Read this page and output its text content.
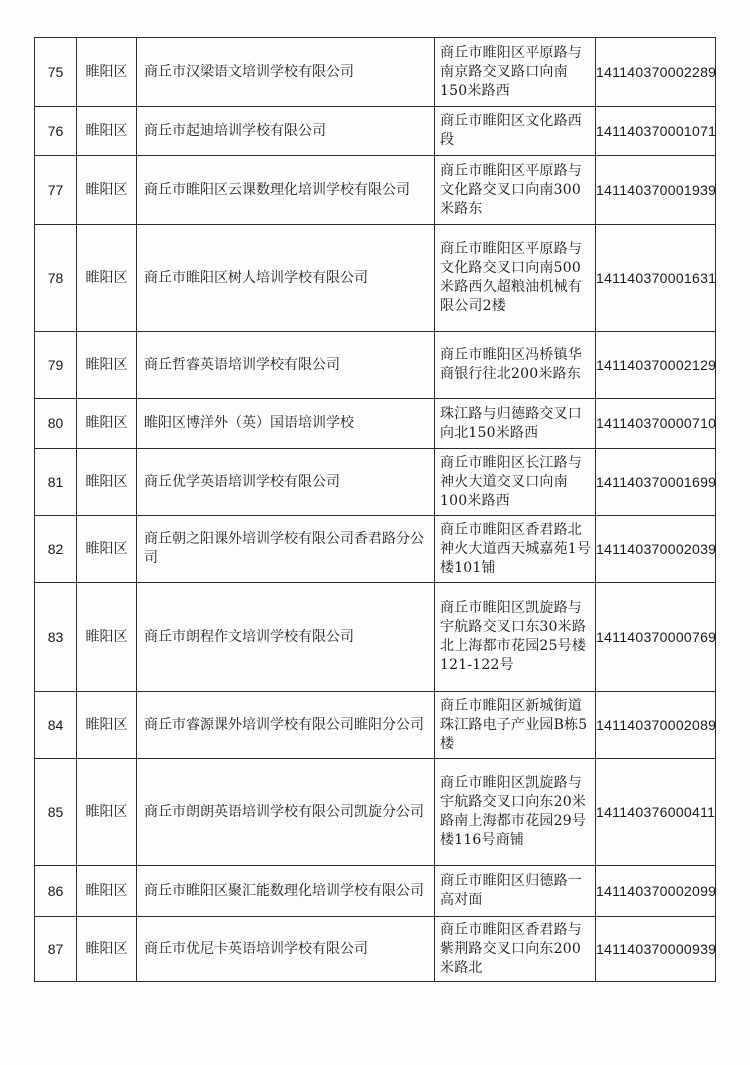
75	睢阳区	商丘市汉梁语文培训学校有限公司	商丘市睢阳区平原路与南京路交叉路口向南150米路西	141140370002289
76	睢阳区	商丘市起迪培训学校有限公司	商丘市睢阳区文化路西段	141140370001071
77	睢阳区	商丘市睢阳区云课数理化培训学校有限公司	商丘市睢阳区平原路与文化路交叉口向南300米路东	141140370001939
78	睢阳区	商丘市睢阳区树人培训学校有限公司	商丘市睢阳区平原路与文化路交叉口向南500米路西久超粮油机械有限公司2楼	141140370001631
79	睢阳区	商丘哲睿英语培训学校有限公司	商丘市睢阳区冯桥镇华商银行往北200米路东	141140370002129
80	睢阳区	睢阳区博洋外（英）国语培训学校	珠江路与归德路交叉口向北150米路西	141140370000710
81	睢阳区	商丘优学英语培训学校有限公司	商丘市睢阳区长江路与神火大道交叉口向南100米路西	141140370001699
82	睢阳区	商丘朝之阳课外培训学校有限公司香君路分公司	商丘市睢阳区香君路北神火大道西天城嘉苑1号楼101铺	141140370002039
83	睢阳区	商丘市朗程作文培训学校有限公司	商丘市睢阳区凯旋路与宇航路交叉口东30米路北上海都市花园25号楼121-122号	141140370000769
84	睢阳区	商丘市睿源课外培训学校有限公司睢阳分公司	商丘市睢阳区新城街道珠江路电子产业园B栋5楼	141140370002089
85	睢阳区	商丘市朗朗英语培训学校有限公司凯旋分公司	商丘市睢阳区凯旋路与宇航路交叉口向东20米路南上海都市花园29号楼116号商铺	141140376000411
86	睢阳区	商丘市睢阳区聚汇能数理化培训学校有限公司	商丘市睢阳区归德路一高对面	141140370002099
87	睢阳区	商丘市优尼卡英语培训学校有限公司	商丘市睢阳区香君路与紫荆路交叉口向东200米路北	141140370000939
